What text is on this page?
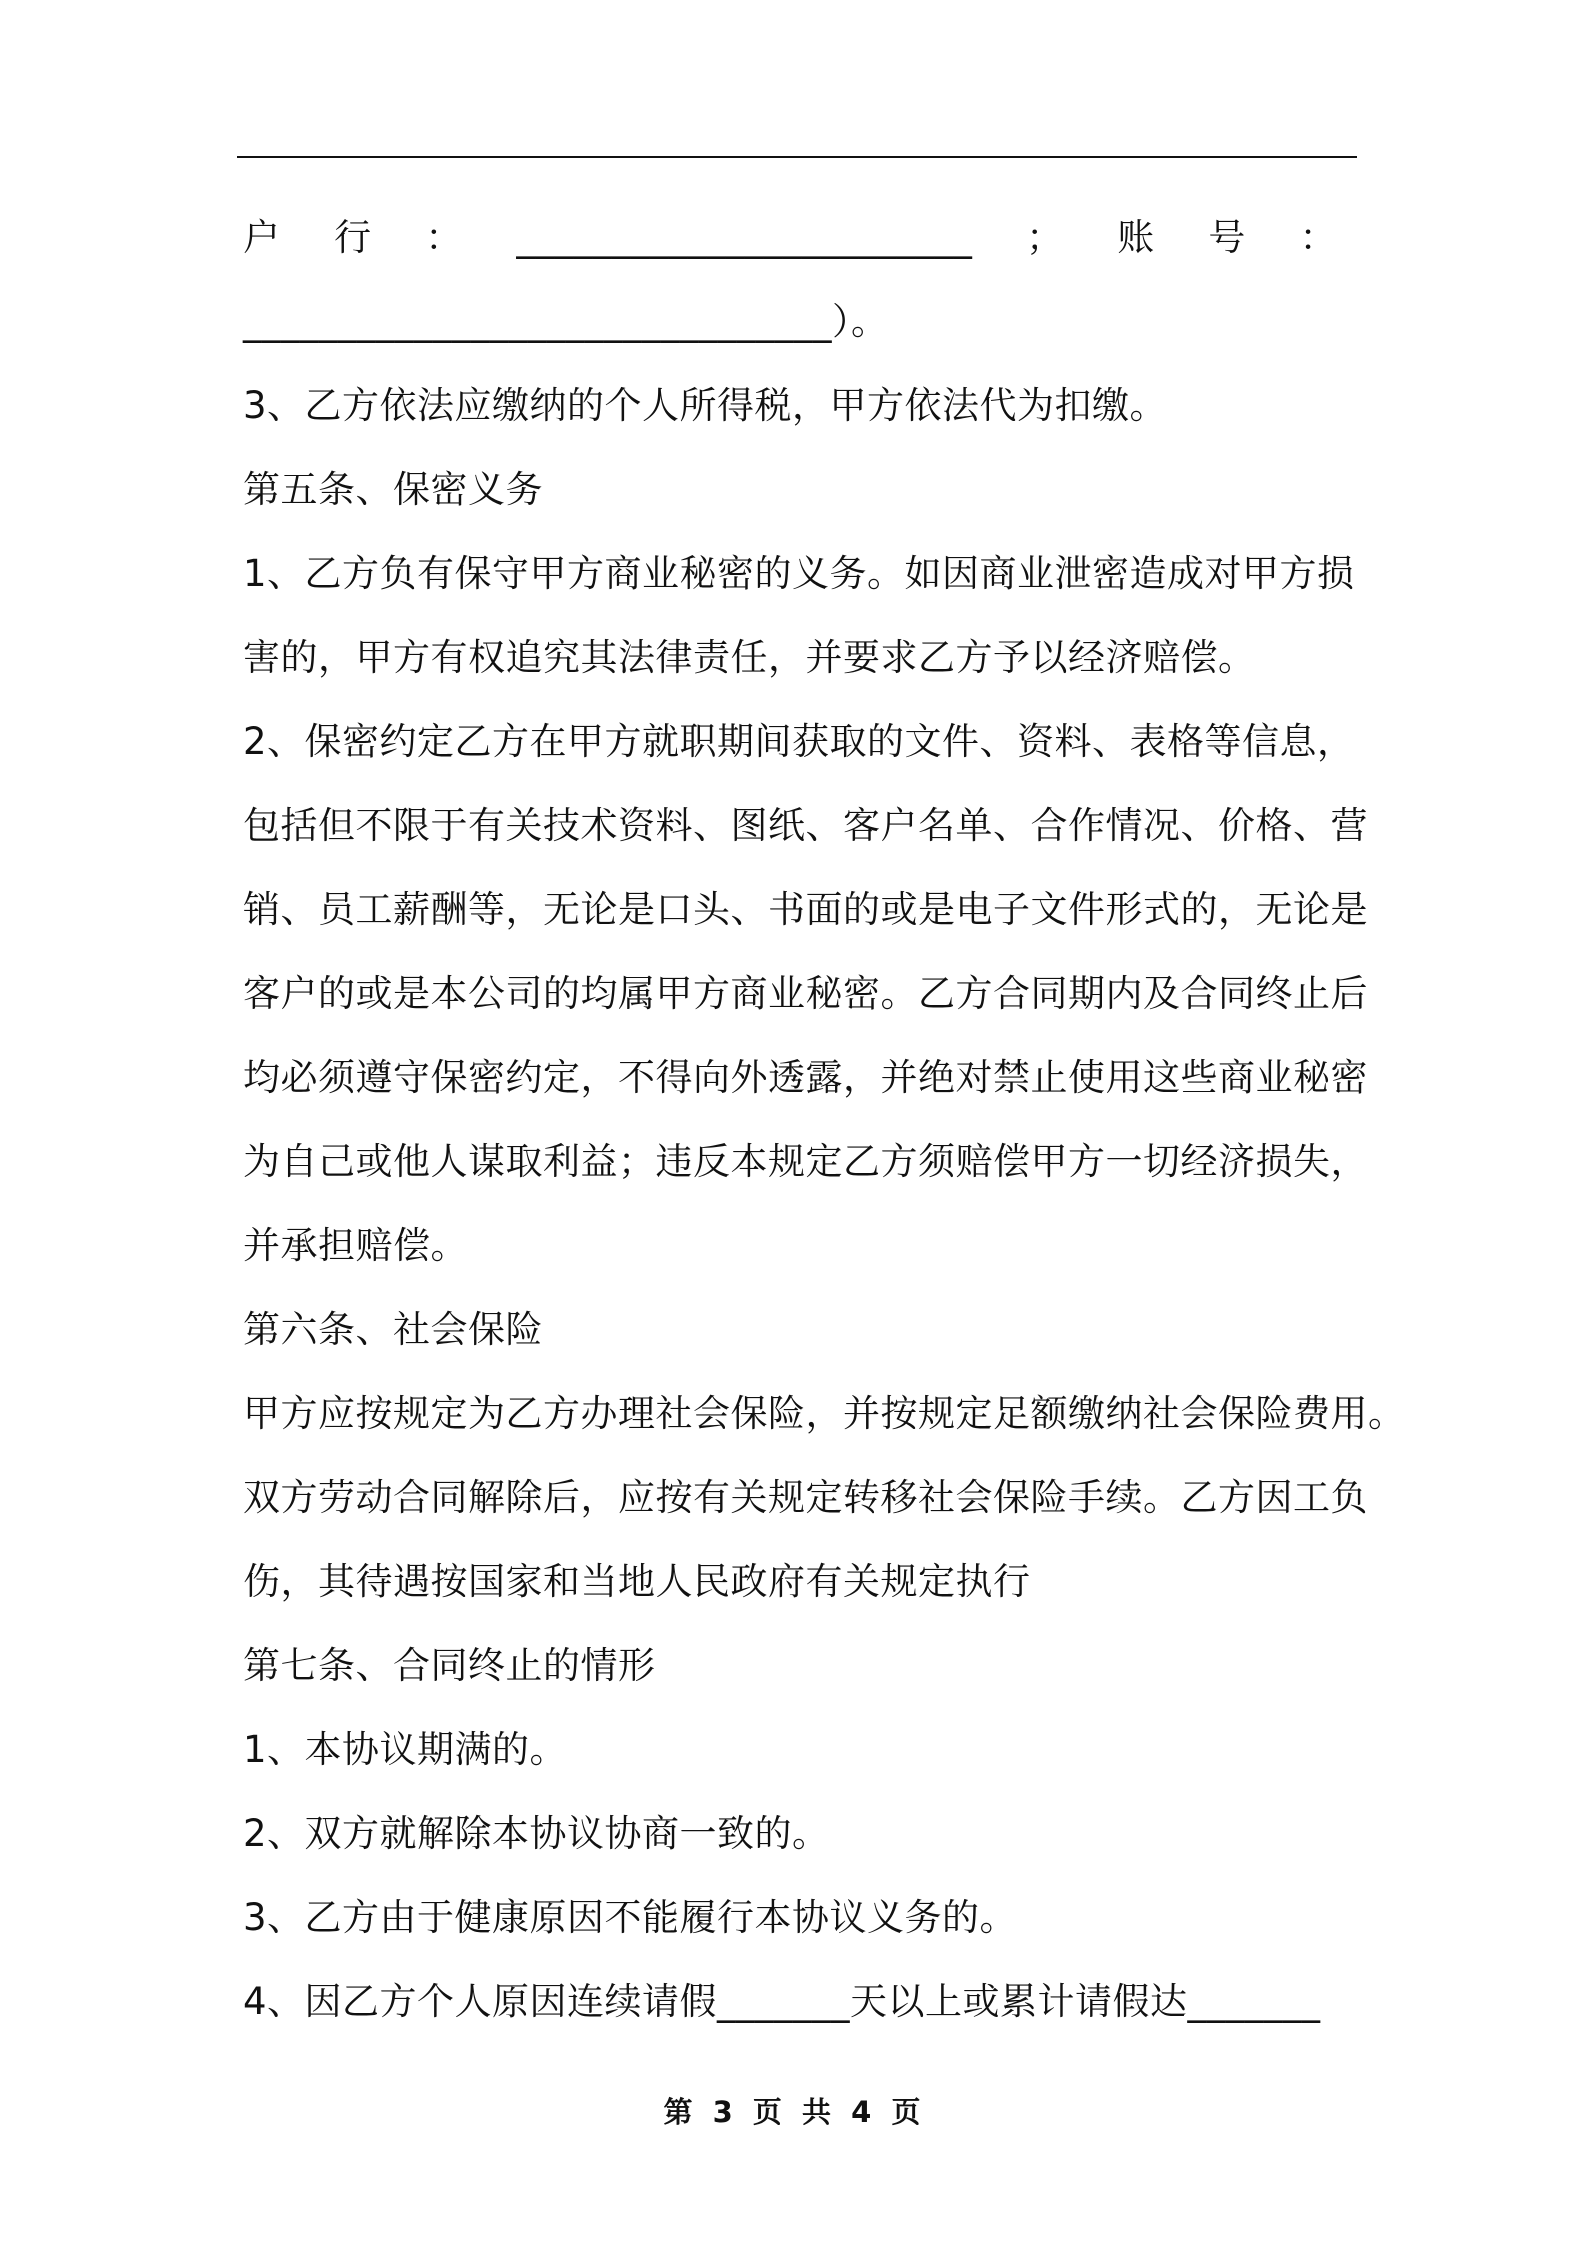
户 行 ： ________________________ ； 账 号 ：
_______________________________）。
3、乙方依法应缴纳的个人所得税，甲方依法代为扣缴。
第五条、保密义务
1、乙方负有保守甲方商业秘密的义务。如因商业泄密造成对甲方损
害的，甲方有权追究其法律责任，并要求乙方予以经济赔偿。
2、保密约定乙方在甲方就职期间获取的文件、资料、表格等信息，
包括但不限于有关技术资料、图纸、客户名单、合作情况、价格、营
销、员工薪酬等，无论是口头、书面的或是电子文件形式的，无论是
客户的或是本公司的均属甲方商业秘密。乙方合同期内及合同终止后
均必须遵守保密约定，不得向外透露，并绝对禁止使用这些商业秘密
为自己或他人谋取利益；违反本规定乙方须赔偿甲方一切经济损失，
并承担赔偿。
第六条、社会保险
甲方应按规定为乙方办理社会保险，并按规定足额缴纳社会保险费用。
双方劳动合同解除后，应按有关规定转移社会保险手续。乙方因工负
伤，其待遇按国家和当地人民政府有关规定执行
第七条、合同终止的情形
1、本协议期满的。
2、双方就解除本协议协商一致的。
3、乙方由于健康原因不能履行本协议义务的。
4、因乙方个人原因连续请假_______天以上或累计请假达_______
第 3 页 共 4 页
